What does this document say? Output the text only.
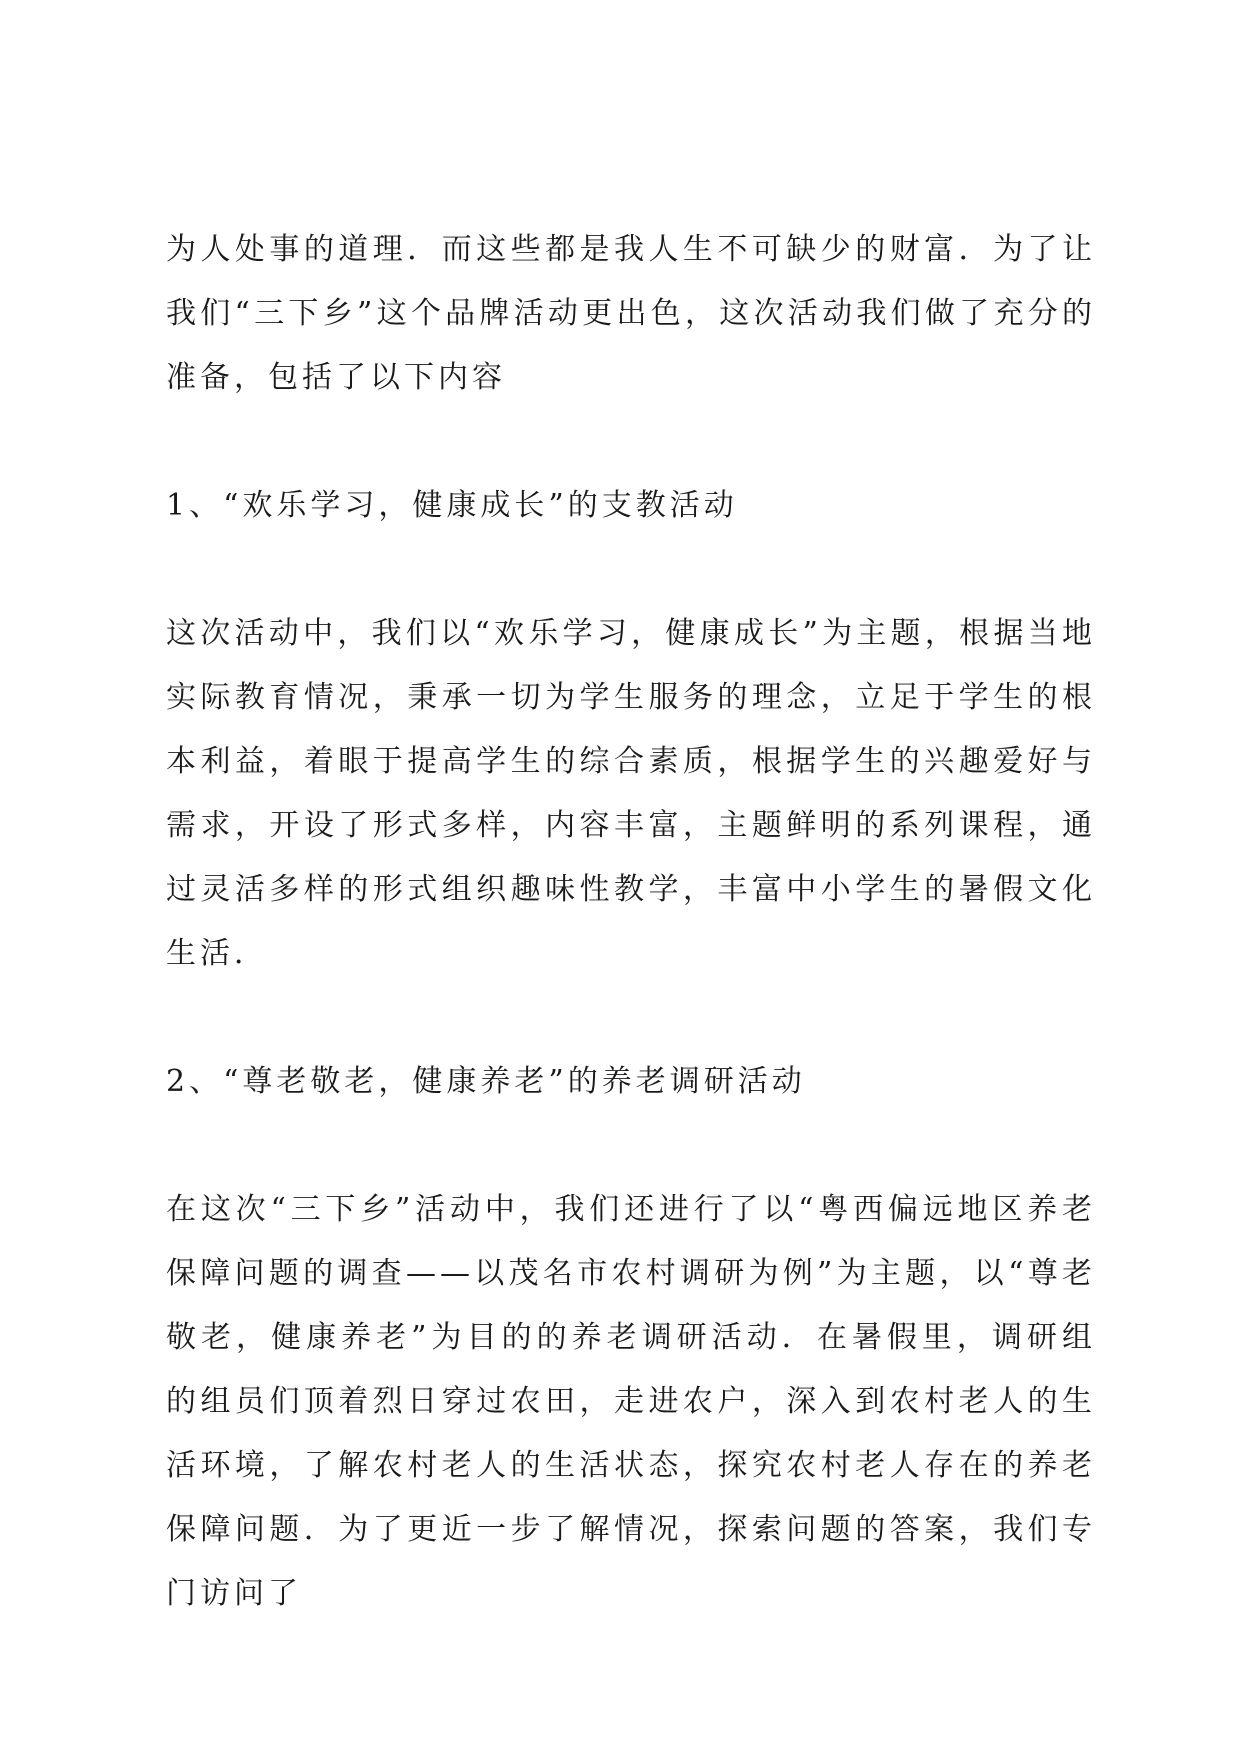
为人处事的道理．而这些都是我人生不可缺少的财富．为了让我们“三下乡”这个品牌活动更出色，这次活动我们做了充分的准备，包括了以下内容

1、“欢乐学习，健康成长”的支教活动

这次活动中，我们以“欢乐学习，健康成长”为主题，根据当地实际教育情况，秉承一切为学生服务的理念，立足于学生的根本利益，着眼于提高学生的综合素质，根据学生的兴趣爱好与需求，开设了形式多样，内容丰富，主题鲜明的系列课程，通过灵活多样的形式组织趣味性教学，丰富中小学生的暑假文化生活．

2、“尊老敬老，健康养老”的养老调研活动

在这次“三下乡”活动中，我们还进行了以“粤西偏远地区养老保障问题的调查——以茂名市农村调研为例”为主题，以“尊老敬老，健康养老”为目的的养老调研活动．在暑假里，调研组的组员们顶着烈日穿过农田，走进农户，深入到农村老人的生活环境，了解农村老人的生活状态，探究农村老人存在的养老保障问题．为了更近一步了解情况，探索问题的答案，我们专门访问了
